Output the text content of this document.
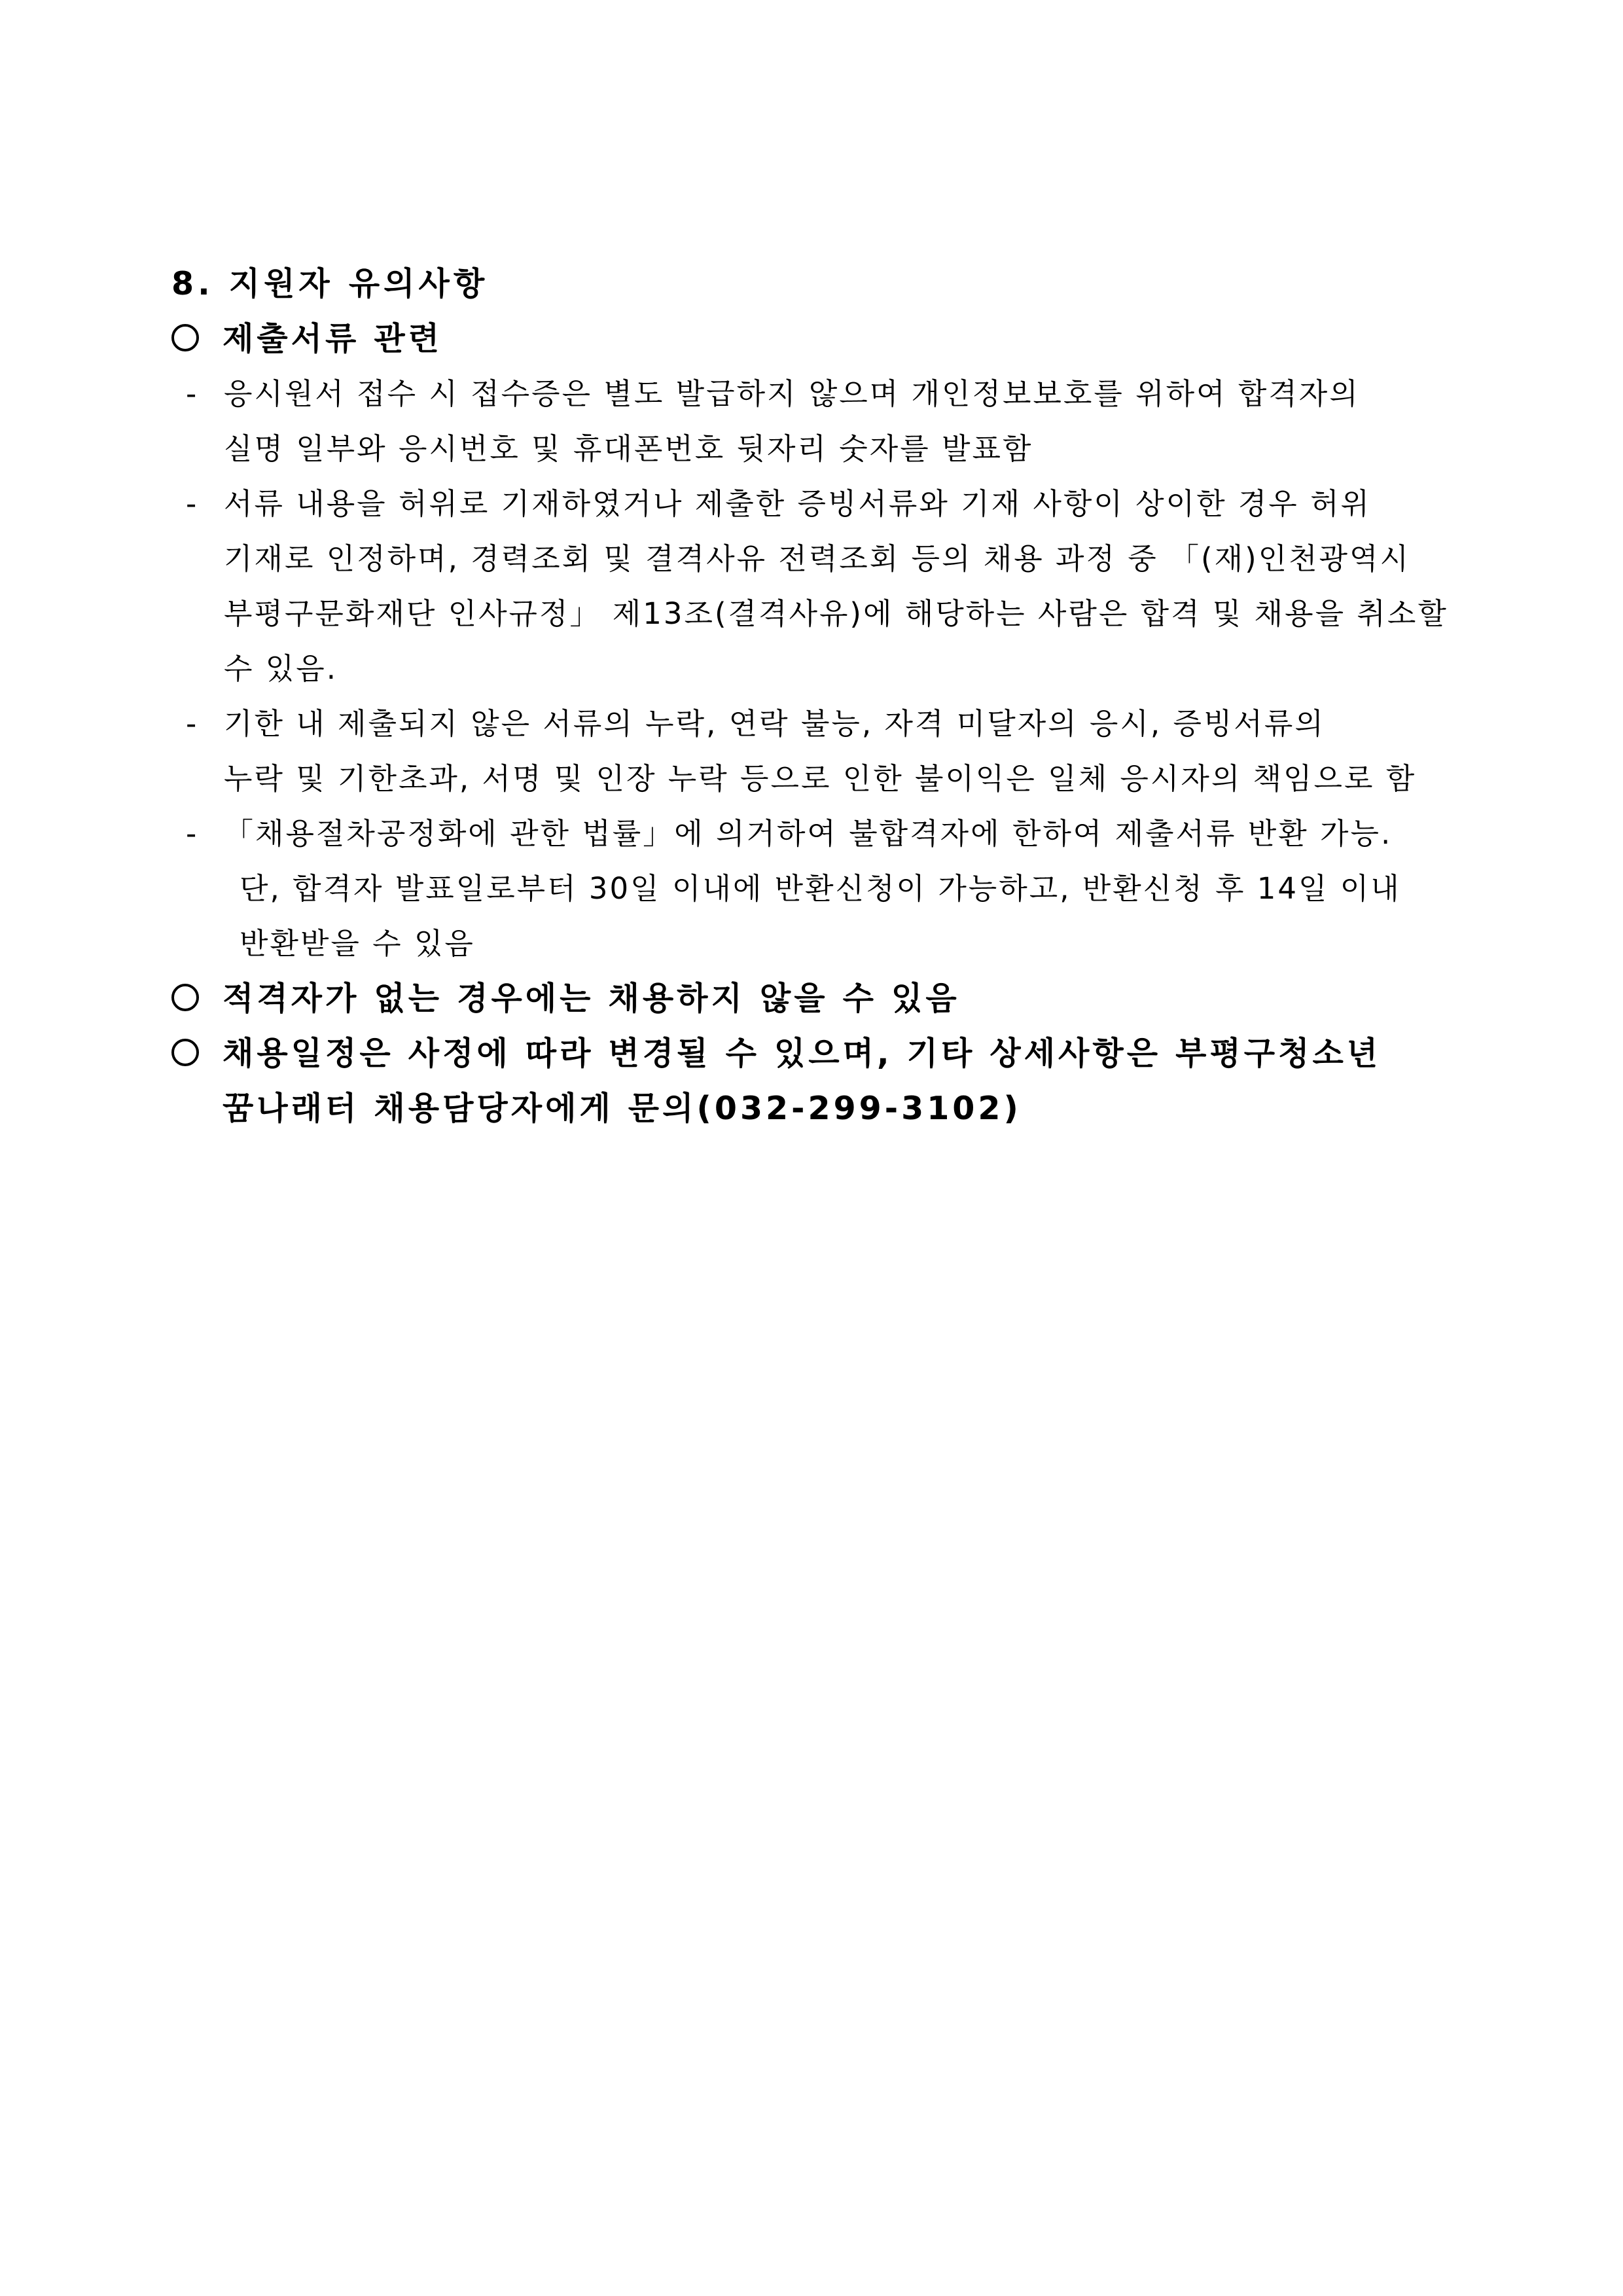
8. 지원자 유의사항
제출서류 관련
- 응시원서 접수 시 접수증은 별도 발급하지 않으며 개인정보보호를 위하여 합격자의
실명 일부와 응시번호 및 휴대폰번호 뒷자리 숫자를 발표함
- 서류 내용을 허위로 기재하였거나 제출한 증빙서류와 기재 사항이 상이한 경우 허위
기재로 인정하며, 경력조회 및 결격사유 전력조회 등의 채용 과정 중 「(재)인천광역시
부평구문화재단 인사규정」 제13조(결격사유)에 해당하는 사람은 합격 및 채용을 취소할
수 있음.
- 기한 내 제출되지 않은 서류의 누락, 연락 불능, 자격 미달자의 응시, 증빙서류의
누락 및 기한초과, 서명 및 인장 누락 등으로 인한 불이익은 일체 응시자의 책임으로 함
- 「채용절차공정화에 관한 법률」에 의거하여 불합격자에 한하여 제출서류 반환 가능.
단, 합격자 발표일로부터 30일 이내에 반환신청이 가능하고, 반환신청 후 14일 이내
반환받을 수 있음
적격자가 없는 경우에는 채용하지 않을 수 있음
채용일정은 사정에 따라 변경될 수 있으며, 기타 상세사항은 부평구청소년
꿈나래터 채용담당자에게 문의(032-299-3102)
